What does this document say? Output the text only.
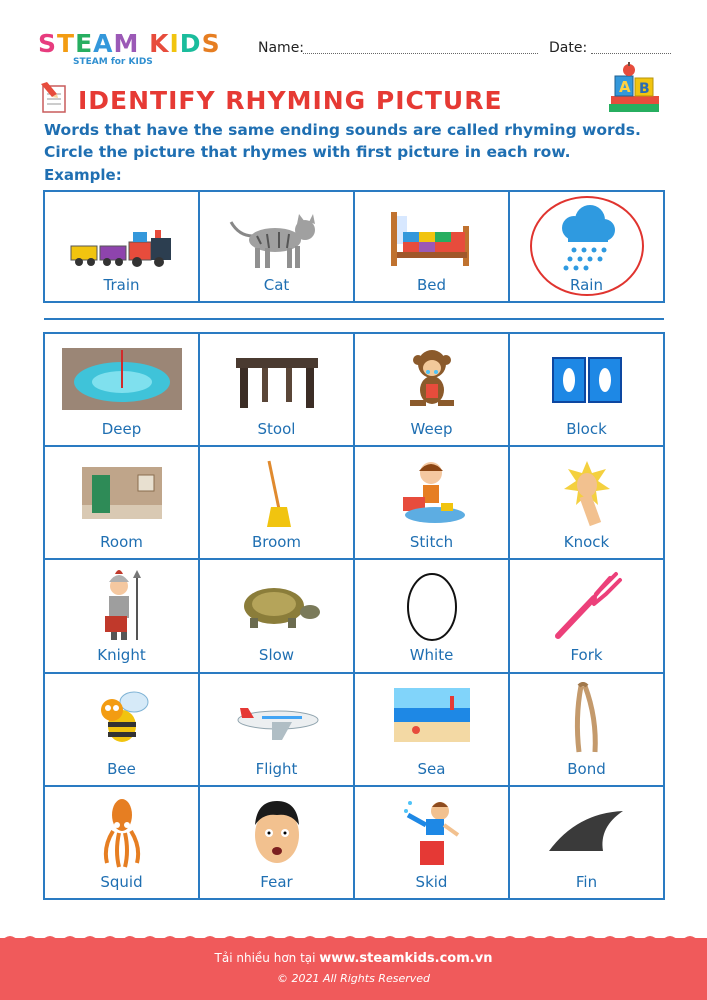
STEAM KIDS
STEAM for KIDS
Name:	Date:
IDENTIFY RHYMING PICTURE	A B
Words that have the same ending sounds are called rhyming words. Circle the picture that rhymes with first picture in each row.
Example:
Train	Cat	Bed	Rain
Deep	Stool	Weep	Block

Room	Broom	Stitch	Knock

Knight	Slow	White	Fork

Bee	Flight	Sea	Bond

Squid	Fear	Skid	Fin
Tải nhiều hơn tại www.steamkids.com.vn
© 2021 All Rights Reserved
